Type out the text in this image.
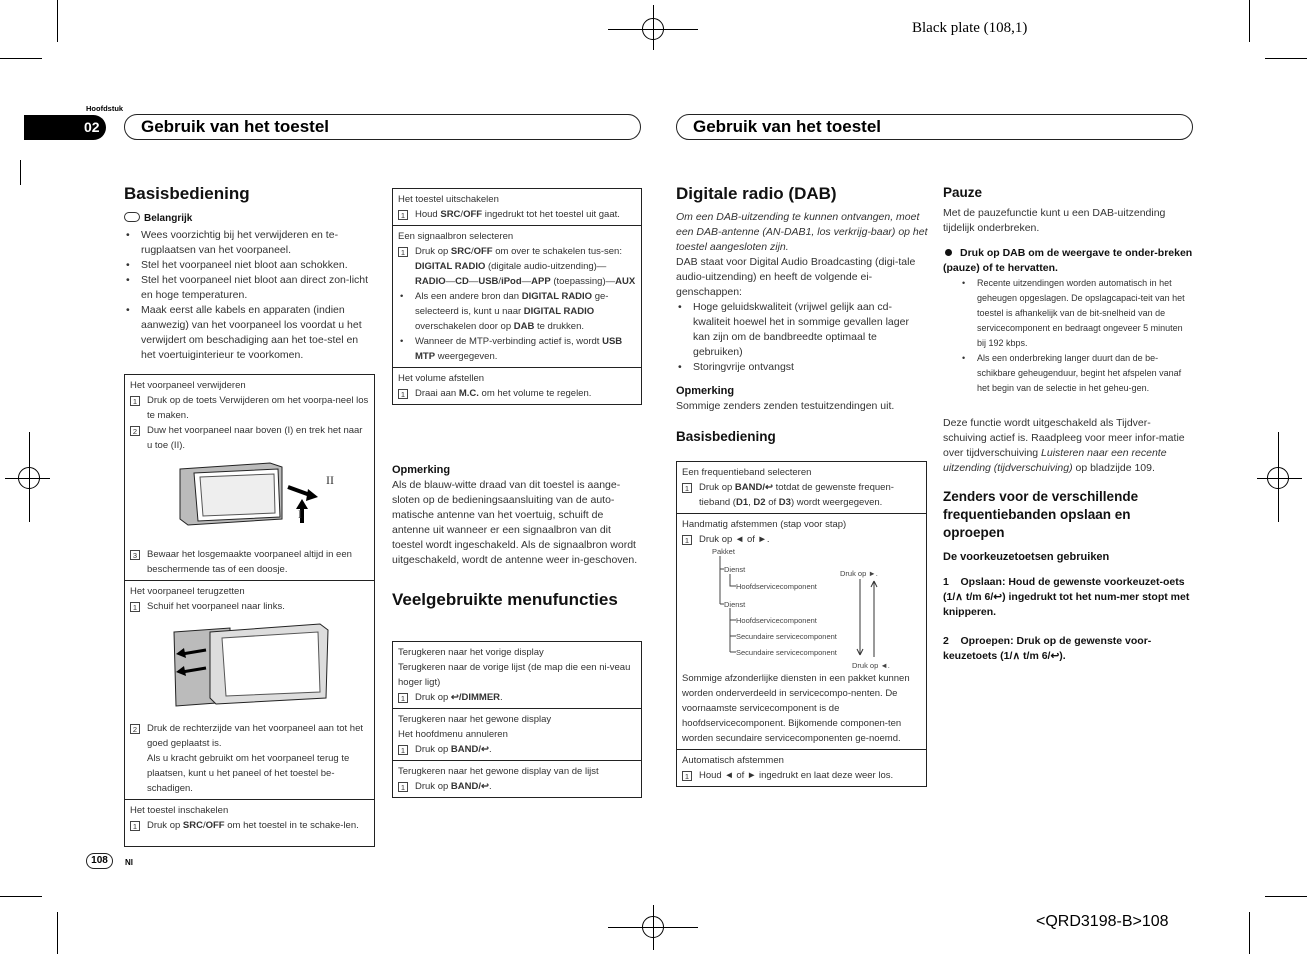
Black plate (108,1)
Hoofdstuk
02	Gebruik van het toestel	Gebruik van het toestel
Basisbediening
Belangrijk
• Wees voorzichtig bij het verwijderen en te-rugplaatsen van het voorpaneel.
• Stel het voorpaneel niet bloot aan schokken.
• Stel het voorpaneel niet bloot aan direct zon-licht en hoge temperaturen.
• Maak eerst alle kabels en apparaten (indien aanwezig) van het voorpaneel los voordat u het verwijdert om beschadiging aan het toe-stel en het voertuiginterieur te voorkomen.
Het voorpaneel verwijderen
1	Druk op de toets Verwijderen om het voorpa-neel los te maken.
2	Duw het voorpaneel naar boven (I) en trek het naar u toe (II).
II
I
3	Bewaar het losgemaakte voorpaneel altijd in een beschermende tas of een doosje.
Het voorpaneel terugzetten
1	Schuif het voorpaneel naar links.
2	Druk de rechterzijde van het voorpaneel aan tot het goed geplaatst is.
Als u kracht gebruikt om het voorpaneel terug te plaatsen, kunt u het paneel of het toestel be-schadigen.
Het toestel inschakelen
1	Druk op SRC/OFF om het toestel in te schake-len.
Het toestel uitschakelen
1	Houd SRC/OFF ingedrukt tot het toestel uit gaat.
Een signaalbron selecteren
1	Druk op SRC/OFF om over te schakelen tus-sen:
DIGITAL RADIO (digitale audio-uitzending)—RADIO—CD—USB/iPod—APP (toepassing)—AUX
• Als een andere bron dan DIGITAL RADIO ge-selecteerd is, kunt u naar DIGITAL RADIO overschakelen door op DAB te drukken.
• Wanneer de MTP-verbinding actief is, wordt USB MTP weergegeven.
Het volume afstellen
1	Draai aan M.C. om het volume te regelen.
Opmerking
Als de blauw-witte draad van dit toestel is aange-sloten op de bedieningsaansluiting van de auto-matische antenne van het voertuig, schuift de antenne uit wanneer er een signaalbron van dit toestel wordt ingeschakeld. Als de signaalbron wordt uitgeschakeld, wordt de antenne weer in-geschoven.
Veelgebruikte menufuncties
Terugkeren naar het vorige display
Terugkeren naar de vorige lijst (de map die een ni-veau hoger ligt)
1	Druk op ↩/DIMMER.
Terugkeren naar het gewone display
Het hoofdmenu annuleren
1	Druk op BAND/↩.
Terugkeren naar het gewone display van de lijst
1	Druk op BAND/↩.
Digitale radio (DAB)
Om een DAB-uitzending te kunnen ontvangen, moet een DAB-antenne (AN-DAB1, los verkrijg-baar) op het toestel aangesloten zijn.
DAB staat voor Digital Audio Broadcasting (digi-tale audio-uitzending) en heeft de volgende ei-genschappen:
• Hoge geluidskwaliteit (vrijwel gelijk aan cd-kwaliteit hoewel het in sommige gevallen lager kan zijn om de bandbreedte optimaal te gebruiken)
• Storingvrije ontvangst
Opmerking
Sommige zenders zenden testuitzendingen uit.
Basisbediening
Een frequentieband selecteren
1	Druk op BAND/↩ totdat de gewenste frequen-tieband (D1, D2 of D3) wordt weergegeven.
Handmatig afstemmen (stap voor stap)
1	Druk op ◄ of ►.
Pakket
Dienst
Hoofdservicecomponent
Dienst
Hoofdservicecomponent
Secundaire servicecomponent
Secundaire servicecomponent
Druk op ►.
Druk op ◄.
Sommige afzonderlijke diensten in een pakket kunnen worden onderverdeeld in servicecompo-nenten. De voornaamste servicecomponent is de hoofdservicecomponent. Bijkomende componen-ten worden secundaire servicecomponenten ge-noemd.
Automatisch afstemmen
1	Houd ◄ of ► ingedrukt en laat deze weer los.
Pauze
Met de pauzefunctie kunt u een DAB-uitzending tijdelijk onderbreken.
Druk op DAB om de weergave te onder-breken (pauze) of te hervatten.
• Recente uitzendingen worden automatisch in het geheugen opgeslagen. De opslagcapaci-teit van het toestel is afhankelijk van de bit-snelheid van de servicecomponent en bedraagt ongeveer 5 minuten bij 192 kbps.
• Als een onderbreking langer duurt dan de be-schikbare geheugenduur, begint het afspelen vanaf het begin van de selectie in het geheu-gen.
Deze functie wordt uitgeschakeld als Tijdver-schuiving actief is. Raadpleeg voor meer infor-matie over tijdverschuiving Luisteren naar een recente uitzending (tijdverschuiving) op bladzijde 109.
Zenders voor de verschillende frequentiebanden opslaan en oproepen
De voorkeuzetoetsen gebruiken
1    Opslaan: Houd de gewenste voorkeuzet-oets (1/∧ t/m 6/↩) ingedrukt tot het num-mer stopt met knipperen.
2    Oproepen: Druk op de gewenste voor-keuzetoets (1/∧ t/m 6/↩).
108	Nl
<QRD3198-B>108
